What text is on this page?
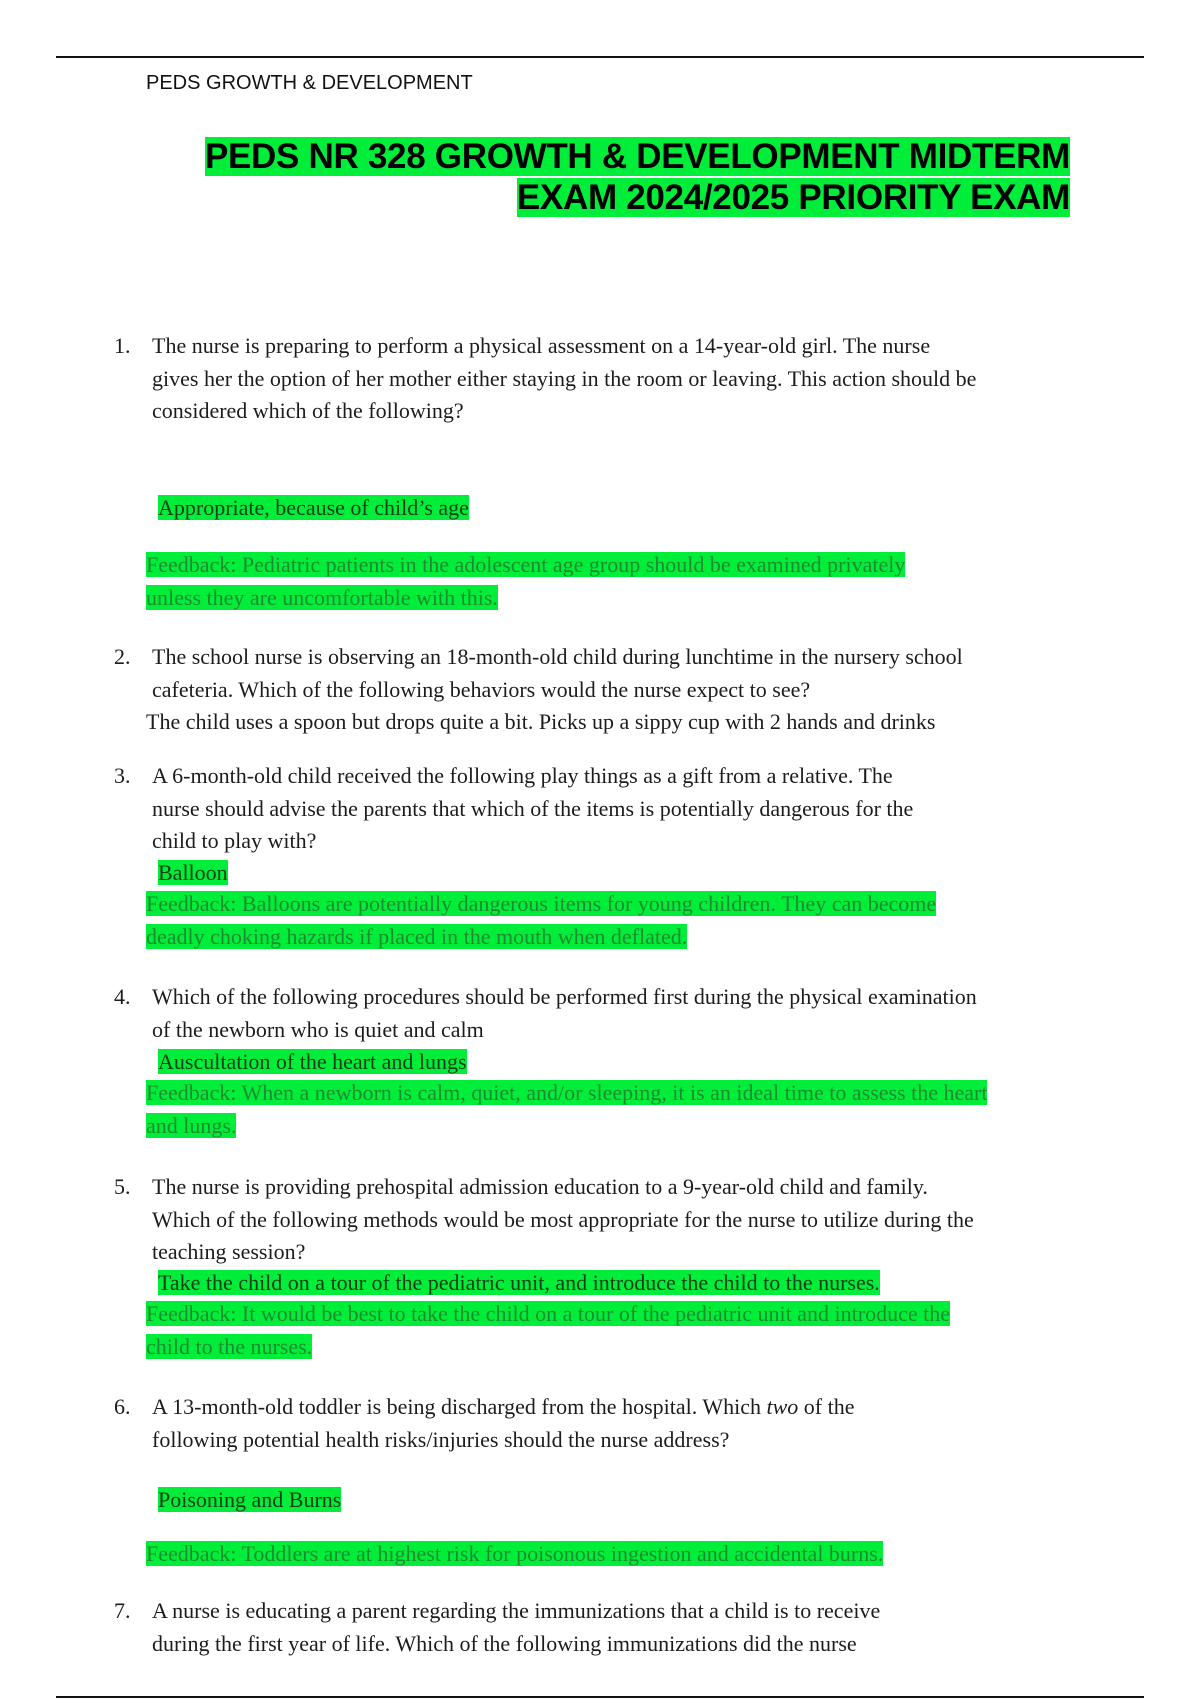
PEDS GROWTH & DEVELOPMENT
PEDS NR 328 GROWTH & DEVELOPMENT MIDTERM
EXAM 2024/2025 PRIORITY EXAM
1. The nurse is preparing to perform a physical assessment on a 14-year-old girl. The nurse
gives her the option of her mother either staying in the room or leaving. This action should be
considered which of the following?
Appropriate, because of child’s age
Feedback: Pediatric patients in the adolescent age group should be examined privately
unless they are uncomfortable with this.
2. The school nurse is observing an 18-month-old child during lunchtime in the nursery school
cafeteria. Which of the following behaviors would the nurse expect to see?
The child uses a spoon but drops quite a bit. Picks up a sippy cup with 2 hands and drinks
3. A 6-month-old child received the following play things as a gift from a relative. The
nurse should advise the parents that which of the items is potentially dangerous for the
child to play with?
Balloon
Feedback: Balloons are potentially dangerous items for young children. They can become
deadly choking hazards if placed in the mouth when deflated.
4. Which of the following procedures should be performed first during the physical examination
of the newborn who is quiet and calm
Auscultation of the heart and lungs
Feedback: When a newborn is calm, quiet, and/or sleeping, it is an ideal time to assess the heart
and lungs.
5. The nurse is providing prehospital admission education to a 9-year-old child and family.
Which of the following methods would be most appropriate for the nurse to utilize during the
teaching session?
Take the child on a tour of the pediatric unit, and introduce the child to the nurses.
Feedback: It would be best to take the child on a tour of the pediatric unit and introduce the
child to the nurses.
6. A 13-month-old toddler is being discharged from the hospital. Which two of the
following potential health risks/injuries should the nurse address?
Poisoning and Burns
Feedback: Toddlers are at highest risk for poisonous ingestion and accidental burns.
7. A nurse is educating a parent regarding the immunizations that a child is to receive
during the first year of life. Which of the following immunizations did the nurse
